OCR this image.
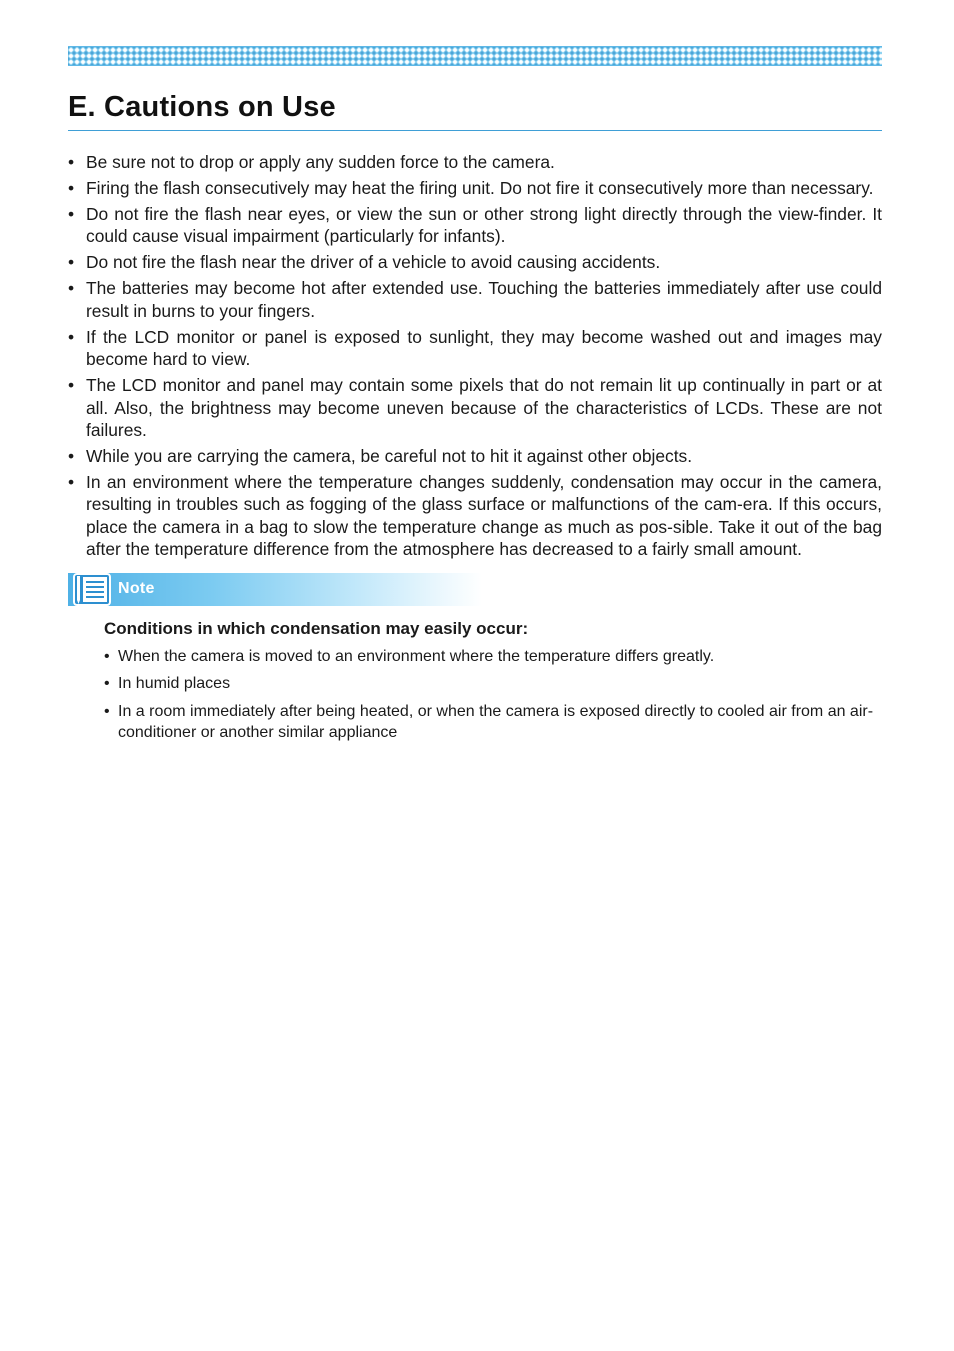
E. Cautions on Use
• Be sure not to drop or apply any sudden force to the camera.
• Firing the flash consecutively may heat the firing unit. Do not fire it consecutively more than necessary.
• Do not fire the flash near eyes, or view the sun or other strong light directly through the view-finder. It could cause visual impairment (particularly for infants).
• Do not fire the flash near the driver of a vehicle to avoid causing accidents.
• The batteries may become hot after extended use. Touching the batteries immediately after use could result in burns to your fingers.
• If the LCD monitor or panel is exposed to sunlight, they may become washed out and images may become hard to view.
• The LCD monitor and panel may contain some pixels that do not remain lit up continually in part or at all. Also, the brightness may become uneven because of the characteristics of LCDs. These are not failures.
• While you are carrying the camera, be careful not to hit it against other objects.
• In an environment where the temperature changes suddenly, condensation may occur in the camera, resulting in troubles such as fogging of the glass surface or malfunctions of the cam-era. If this occurs, place the camera in a bag to slow the temperature change as much as pos-sible. Take it out of the bag after the temperature difference from the atmosphere has decreased to a fairly small amount.
Note

Conditions in which condensation may easily occur:

• When the camera is moved to an environment where the temperature differs greatly.
• In humid places
• In a room immediately after being heated, or when the camera is exposed directly to cooled air from an air-conditioner or another similar appliance
